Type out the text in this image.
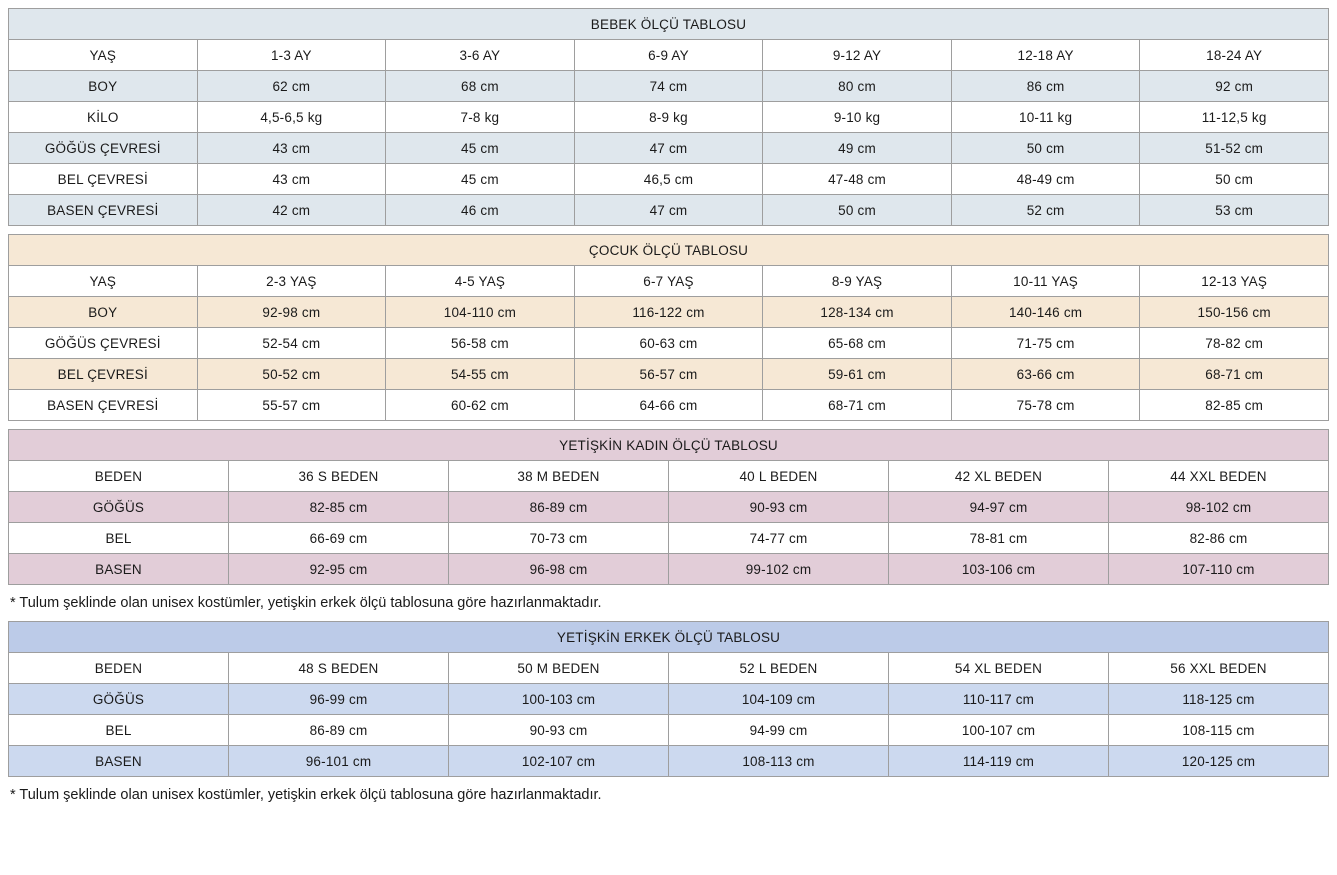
BEBEK ÖLÇÜ TABLOSU						
YAŞ	1-3 AY	3-6 AY	6-9 AY	9-12 AY	12-18 AY	18-24 AY
BOY	62 cm	68 cm	74 cm	80 cm	86 cm	92 cm
KİLO	4,5-6,5 kg	7-8 kg	8-9 kg	9-10 kg	10-11 kg	11-12,5 kg
GÖĞÜS ÇEVRESİ	43 cm	45 cm	47 cm	49 cm	50 cm	51-52 cm
BEL ÇEVRESİ	43 cm	45 cm	46,5 cm	47-48 cm	48-49 cm	50 cm
BASEN ÇEVRESİ	42 cm	46 cm	47 cm	50 cm	52 cm	53 cm
ÇOCUK ÖLÇÜ TABLOSU						
YAŞ	2-3 YAŞ	4-5 YAŞ	6-7 YAŞ	8-9 YAŞ	10-11 YAŞ	12-13 YAŞ
BOY	92-98 cm	104-110 cm	116-122 cm	128-134 cm	140-146 cm	150-156 cm
GÖĞÜS ÇEVRESİ	52-54 cm	56-58 cm	60-63 cm	65-68 cm	71-75 cm	78-82 cm
BEL ÇEVRESİ	50-52 cm	54-55 cm	56-57 cm	59-61 cm	63-66 cm	68-71 cm
BASEN ÇEVRESİ	55-57 cm	60-62 cm	64-66 cm	68-71 cm	75-78 cm	82-85 cm
YETİŞKİN KADIN ÖLÇÜ TABLOSU					
BEDEN	36 S BEDEN	38 M BEDEN	40 L BEDEN	42 XL BEDEN	44 XXL BEDEN
GÖĞÜS	82-85 cm	86-89 cm	90-93 cm	94-97 cm	98-102 cm
BEL	66-69 cm	70-73 cm	74-77 cm	78-81 cm	82-86 cm
BASEN	92-95 cm	96-98 cm	99-102 cm	103-106 cm	107-110 cm

* Tulum şeklinde olan unisex kostümler, yetişkin erkek ölçü tablosuna göre hazırlanmaktadır.

YETİŞKİN ERKEK ÖLÇÜ TABLOSU					
BEDEN	48 S BEDEN	50 M BEDEN	52 L BEDEN	54 XL BEDEN	56 XXL BEDEN
GÖĞÜS	96-99 cm	100-103 cm	104-109 cm	110-117 cm	118-125 cm
BEL	86-89 cm	90-93 cm	94-99 cm	100-107 cm	108-115 cm
BASEN	96-101 cm	102-107 cm	108-113 cm	114-119 cm	120-125 cm

* Tulum şeklinde olan unisex kostümler, yetişkin erkek ölçü tablosuna göre hazırlanmaktadır.
